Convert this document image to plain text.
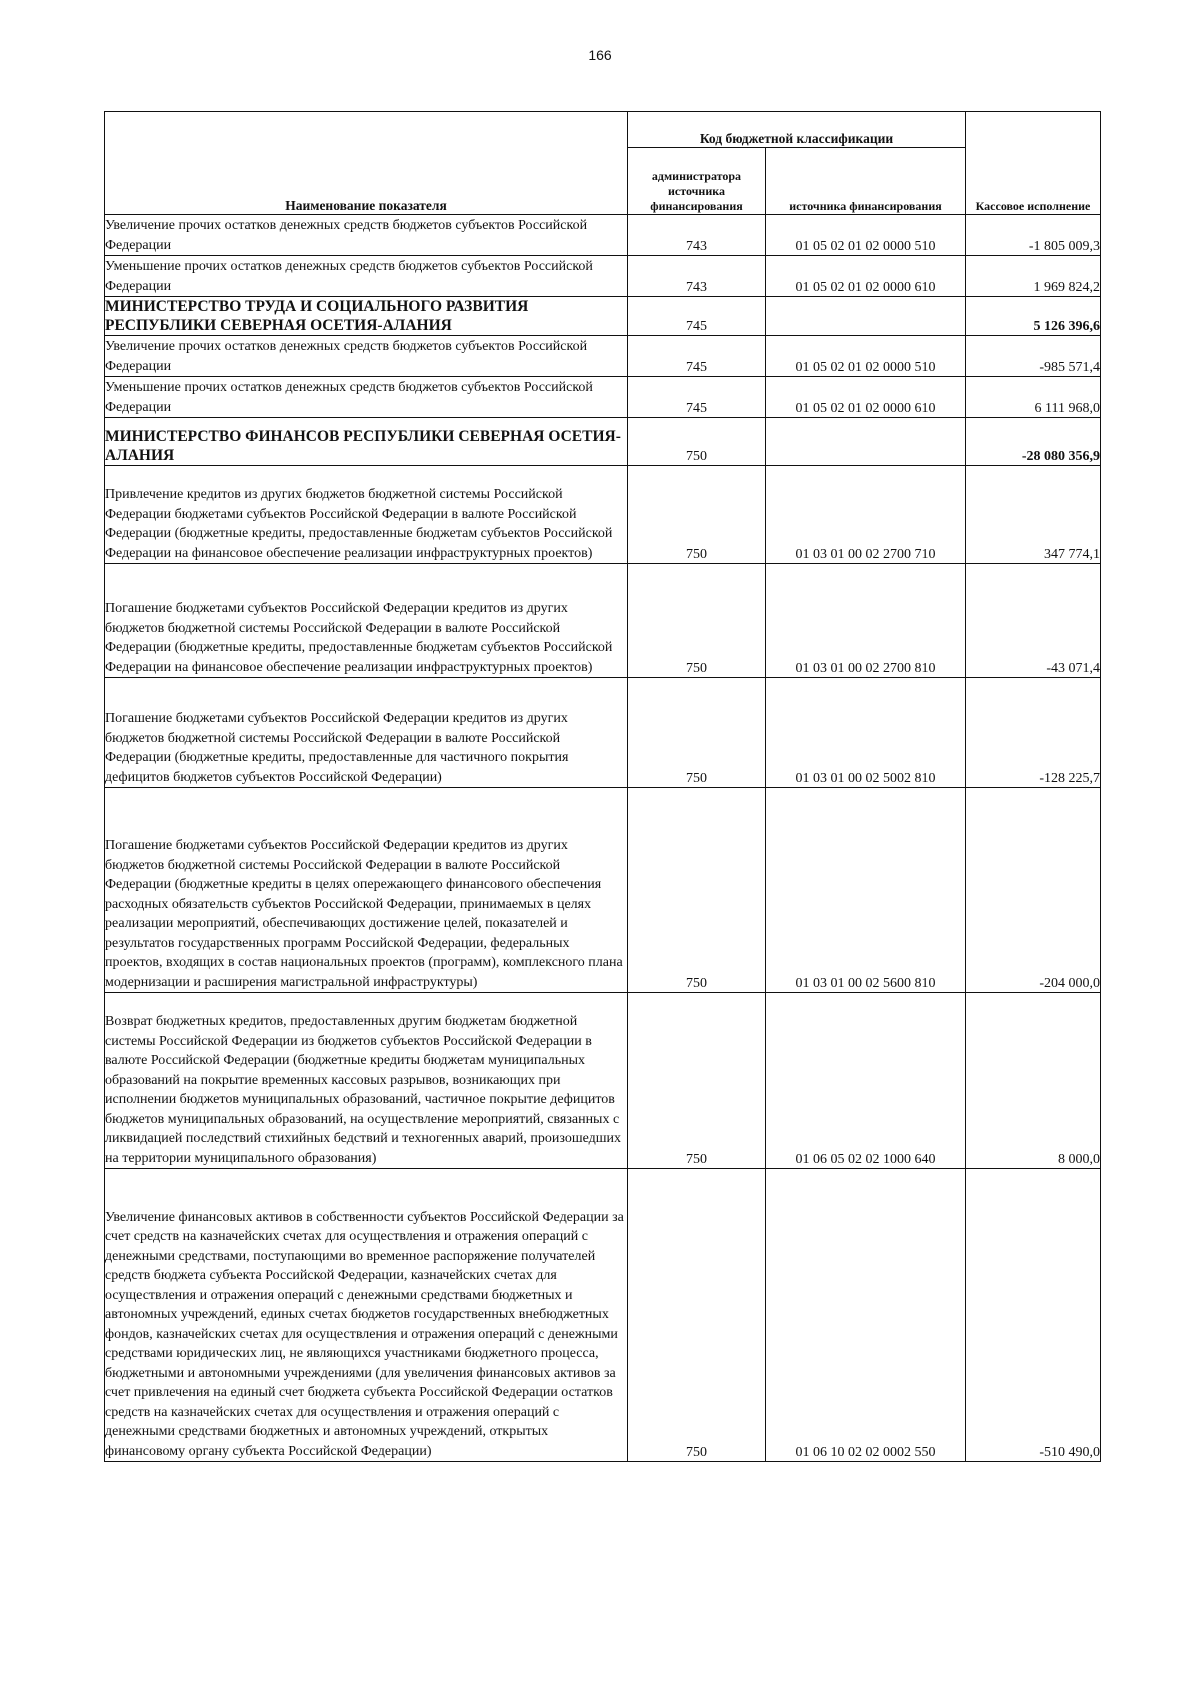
166
Наименование показателя	Код бюджетной классификации		Кассовое исполнение
	администратора источника финансирования	источника финансирования	
Увеличение прочих остатков денежных средств бюджетов субъектов Российской Федерации	743	01 05 02 01 02 0000 510	-1 805 009,3
Уменьшение прочих остатков денежных средств бюджетов субъектов Российской Федерации	743	01 05 02 01 02 0000 610	1 969 824,2
МИНИСТЕРСТВО ТРУДА И СОЦИАЛЬНОГО РАЗВИТИЯ РЕСПУБЛИКИ СЕВЕРНАЯ ОСЕТИЯ-АЛАНИЯ	745		5 126 396,6
Увеличение прочих остатков денежных средств бюджетов субъектов Российской Федерации	745	01 05 02 01 02 0000 510	-985 571,4
Уменьшение прочих остатков денежных средств бюджетов субъектов Российской Федерации	745	01 05 02 01 02 0000 610	6 111 968,0
МИНИСТЕРСТВО ФИНАНСОВ РЕСПУБЛИКИ СЕВЕРНАЯ ОСЕТИЯ-АЛАНИЯ	750		-28 080 356,9
Привлечение кредитов из других бюджетов бюджетной системы Российской Федерации бюджетами субъектов Российской Федерации в валюте Российской Федерации (бюджетные кредиты, предоставленные бюджетам субъектов Российской Федерации на финансовое обеспечение реализации инфраструктурных проектов)	750	01 03 01 00 02 2700 710	347 774,1
Погашение бюджетами субъектов Российской Федерации кредитов из других бюджетов бюджетной системы Российской Федерации в валюте Российской Федерации (бюджетные кредиты, предоставленные бюджетам субъектов Российской Федерации на финансовое обеспечение реализации инфраструктурных проектов)	750	01 03 01 00 02 2700 810	-43 071,4
Погашение бюджетами субъектов Российской Федерации кредитов из других бюджетов бюджетной системы Российской Федерации в валюте Российской Федерации (бюджетные кредиты, предоставленные для частичного покрытия дефицитов бюджетов субъектов Российской Федерации)	750	01 03 01 00 02 5002 810	-128 225,7
Погашение бюджетами субъектов Российской Федерации кредитов из других бюджетов бюджетной системы Российской Федерации в валюте Российской Федерации (бюджетные кредиты в целях опережающего финансового обеспечения расходных обязательств субъектов Российской Федерации, принимаемых в целях реализации мероприятий, обеспечивающих достижение целей, показателей и результатов государственных программ Российской Федерации, федеральных проектов, входящих в состав национальных проектов (программ), комплексного плана модернизации и расширения магистральной инфраструктуры)	750	01 03 01 00 02 5600 810	-204 000,0
Возврат бюджетных кредитов, предоставленных другим бюджетам бюджетной системы Российской Федерации из бюджетов субъектов Российской Федерации в валюте Российской Федерации (бюджетные кредиты бюджетам муниципальных образований на покрытие временных кассовых разрывов, возникающих при исполнении бюджетов муниципальных образований, частичное покрытие дефицитов бюджетов муниципальных образований, на осуществление мероприятий, связанных с ликвидацией последствий стихийных бедствий и техногенных аварий, произошедших на территории муниципального образования)	750	01 06 05 02 02 1000 640	8 000,0
Увеличение финансовых активов в собственности субъектов Российской Федерации за счет средств на казначейских счетах для осуществления и отражения операций с денежными средствами, поступающими во временное распоряжение получателей средств бюджета субъекта Российской Федерации, казначейских счетах для осуществления и отражения операций с денежными средствами бюджетных и автономных учреждений, единых счетах бюджетов государственных внебюджетных фондов, казначейских счетах для осуществления и отражения операций с денежными средствами юридических лиц, не являющихся участниками бюджетного процесса, бюджетными и автономными учреждениями (для увеличения финансовых активов за счет привлечения на единый счет бюджета субъекта Российской Федерации остатков средств на казначейских счетах для осуществления и отражения операций с денежными средствами бюджетных и автономных учреждений, открытых финансовому органу субъекта Российской Федерации)	750	01 06 10 02 02 0002 550	-510 490,0
